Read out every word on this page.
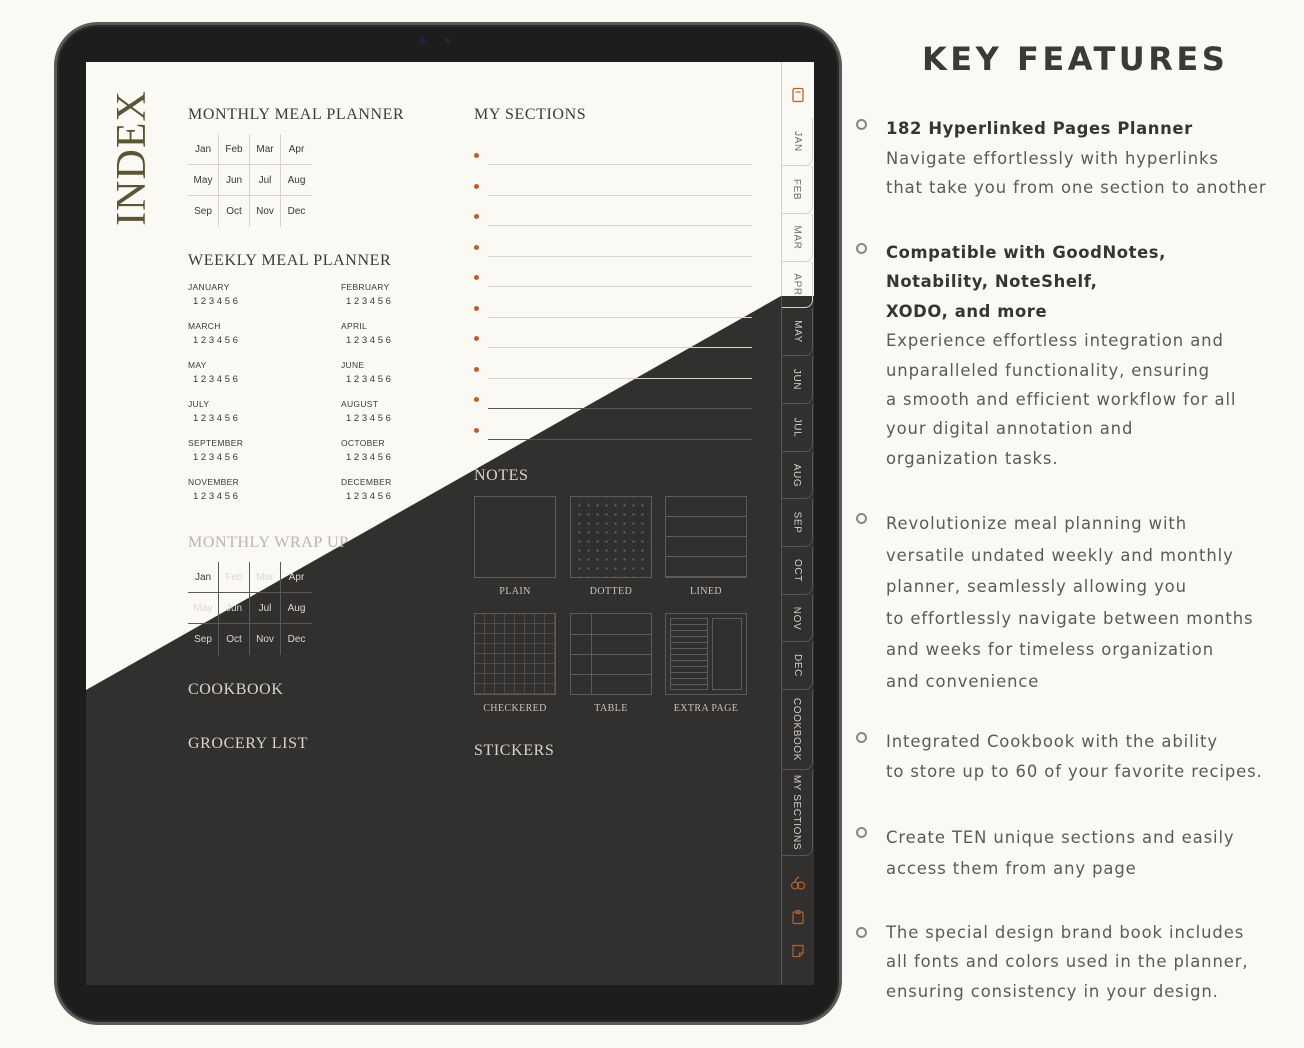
INDEX MONTHLY MEAL PLANNER
Jan	Feb	Mar	Apr
May	Jun	Jul	Aug
Sep	Oct	Nov	Dec
WEEKLY MEAL PLANNER
JANUARY
1 2 3 4 5 6
FEBRUARY
1 2 3 4 5 6
MARCH
1 2 3 4 5 6
APRIL
1 2 3 4 5 6
MAY
1 2 3 4 5 6
JUNE
1 2 3 4 5 6
JULY
1 2 3 4 5 6
AUGUST
1 2 3 4 5 6
SEPTEMBER
1 2 3 4 5 6
OCTOBER
1 2 3 4 5 6
NOVEMBER
1 2 3 4 5 6
DECEMBER
1 2 3 4 5 6
MONTHLY WRAP UP
Jan	Feb	Mar	Apr
May	Jun	Jul	Aug
Sep	Oct	Nov	Dec
COOKBOOK
GROCERY LIST
MY SECTIONS
NOTES
PLAIN	DOTTED	LINED
CHECKERED	TABLE	EXTRA PAGE
STICKERS
JAN
FEB
MAR
APR
MAY
JUN
JUL
AUG
SEP
OCT
NOV
DEC
COOKBOOK
MY SECTIONS
KEY FEATURES
182 Hyperlinked Pages Planner
Navigate effortlessly with hyperlinks
that take you from one section to another
Compatible with GoodNotes,
Notability, NoteShelf,
XODO, and more
Experience effortless integration and
unparalleled functionality, ensuring
a smooth and efficient workflow for all
your digital annotation and
organization tasks.
Revolutionize meal planning with
versatile undated weekly and monthly
planner, seamlessly allowing you
to effortlessly navigate between months
and weeks for timeless organization
and convenience
Integrated Cookbook with the ability
to store up to 60 of your favorite recipes.
Create TEN unique sections and easily
access them from any page
The special design brand book includes
all fonts and colors used in the planner,
ensuring consistency in your design.
